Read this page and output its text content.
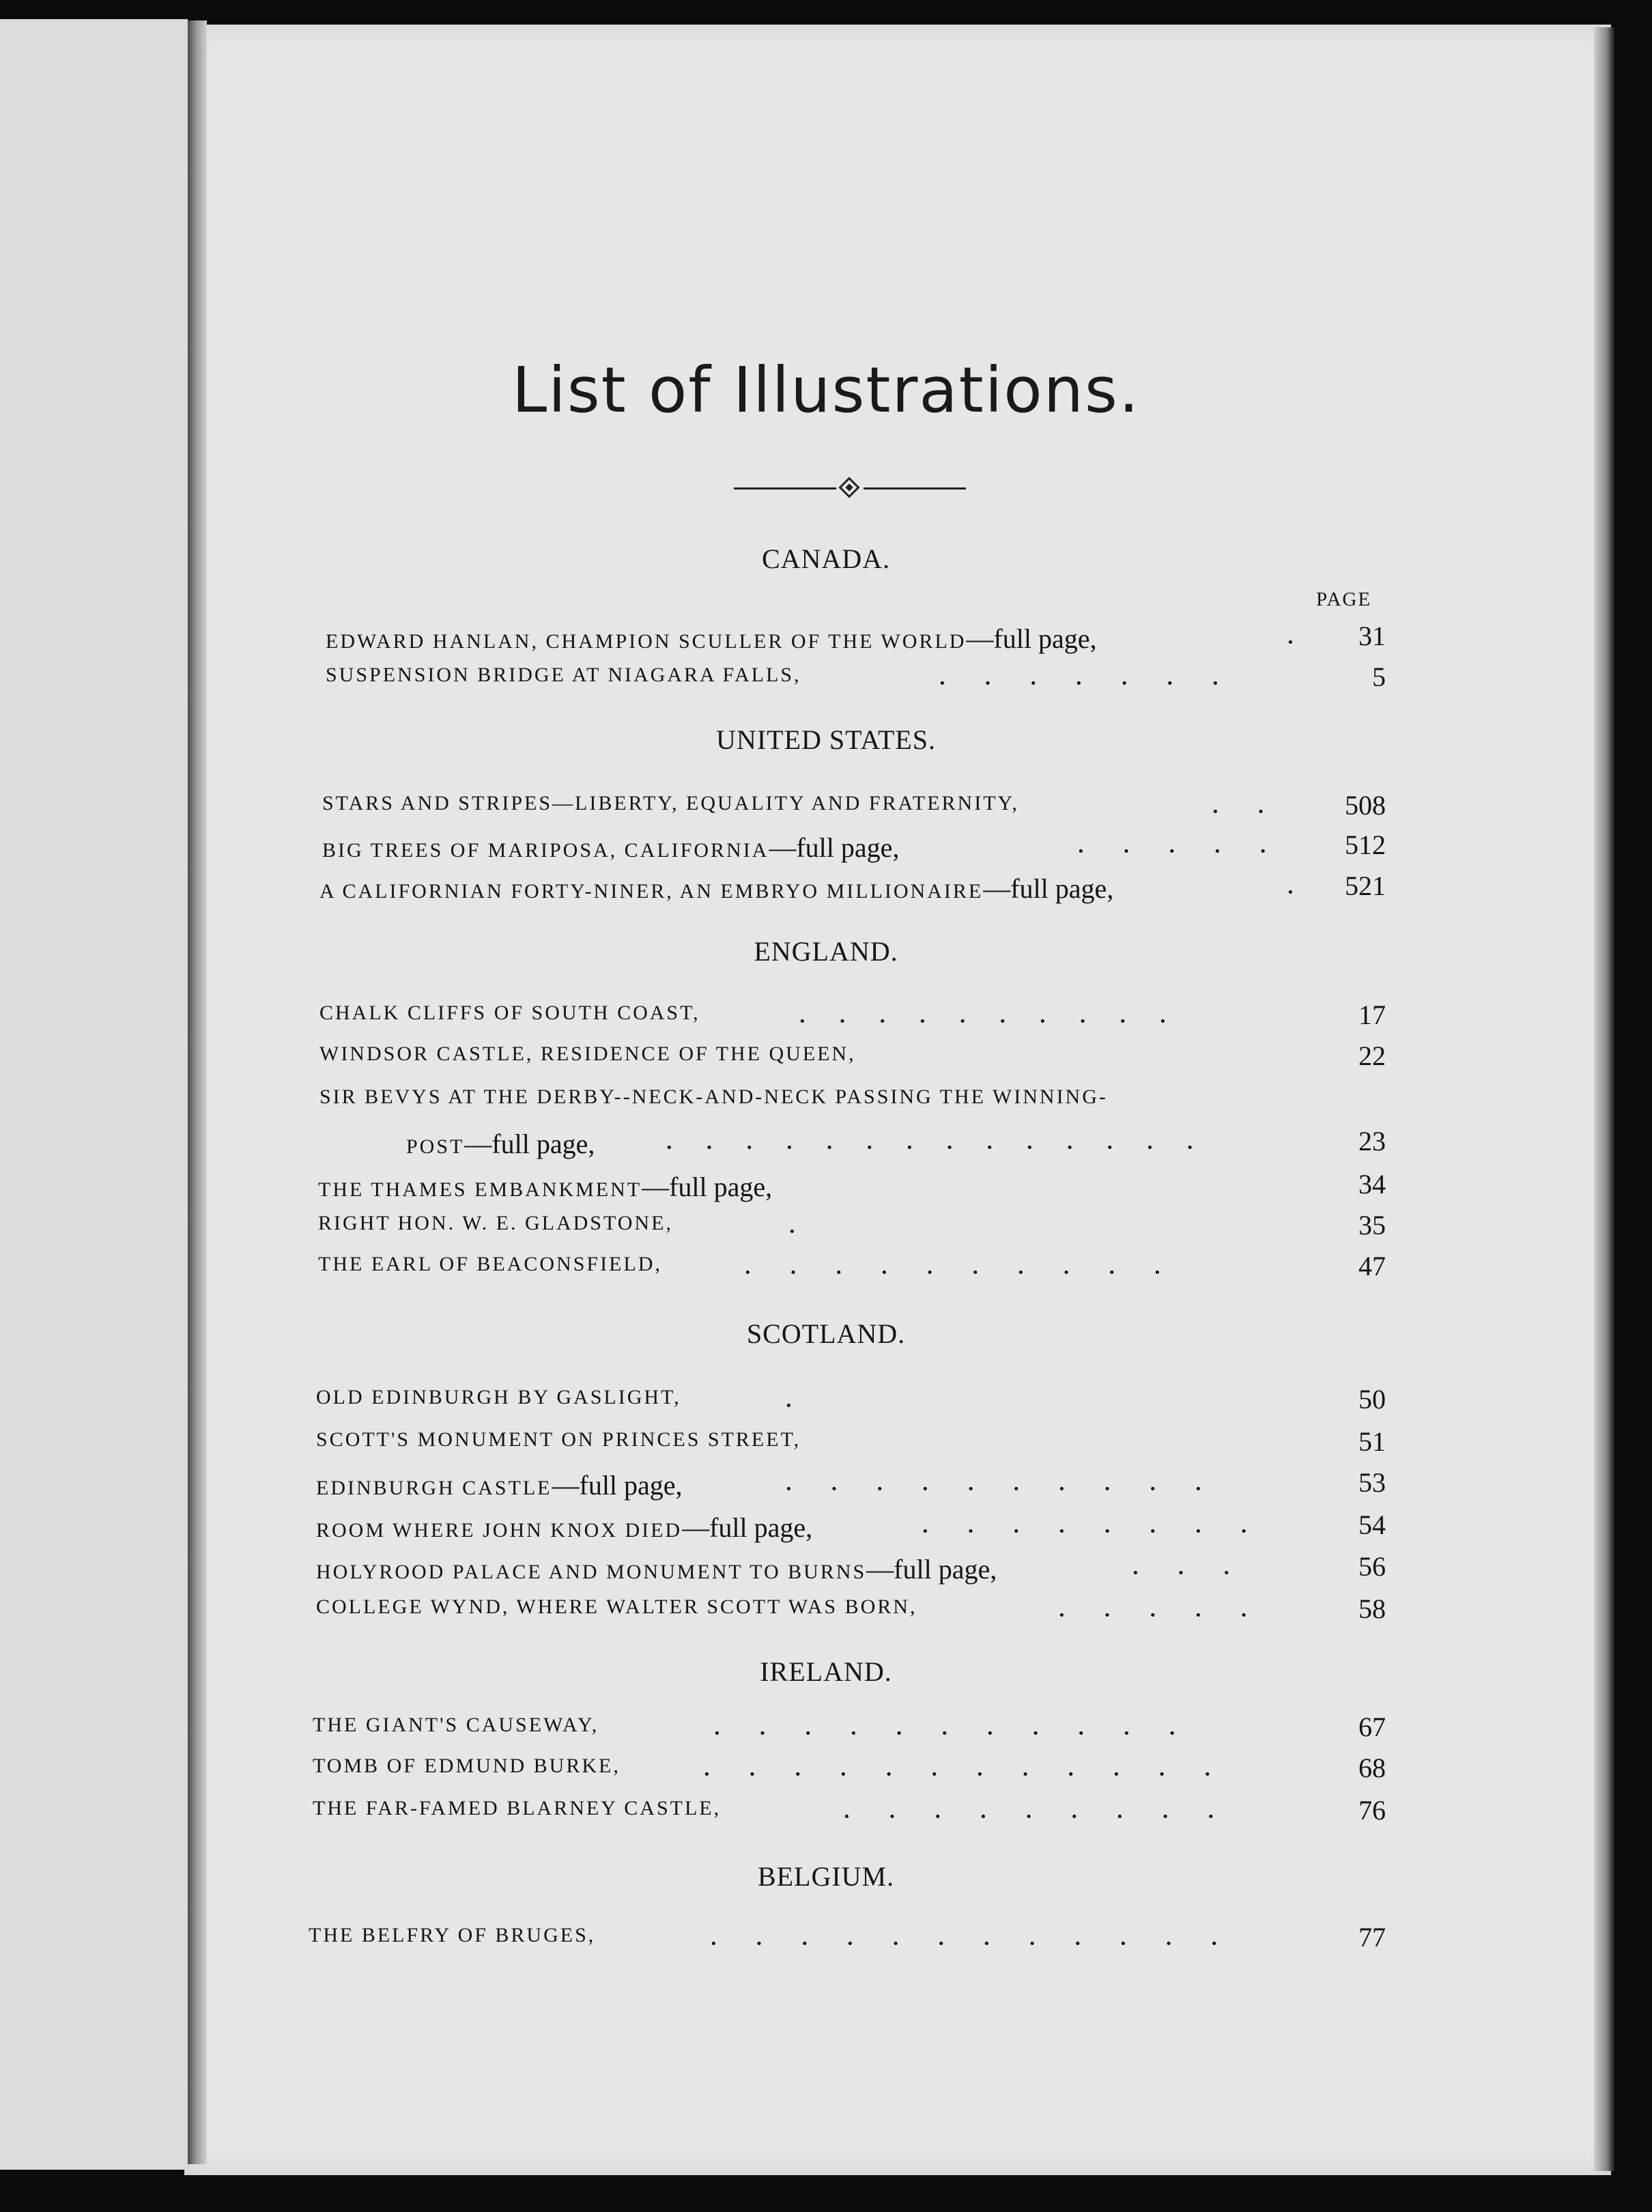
List of Illustrations.
PAGE
CANADA.
EDWARD HANLAN, CHAMPION SCULLER OF THE WORLD—full page,	· 31
SUSPENSION BRIDGE AT NIAGARA FALLS,	·       ·       ·       ·       ·       ·       ·	5
UNITED STATES.
STARS AND STRIPES—LIBERTY, EQUALITY AND FRATERNITY,	·       ·	508
BIG TREES OF MARIPOSA, CALIFORNIA—full page,	·       ·       ·       ·       ·	512
A CALIFORNIAN FORTY-NINER, AN EMBRYO MILLIONAIRE—full page,	· 521
ENGLAND.
CHALK CLIFFS OF SOUTH COAST,	·      ·      ·      ·      ·      ·      ·      ·      ·      ·	17
WINDSOR CASTLE, RESIDENCE OF THE QUEEN,	22
SIR BEVYS AT THE DERBY--NECK-AND-NECK PASSING THE WINNING-
POST—full page,	·      ·      ·      ·      ·      ·      ·      ·      ·      ·      ·      ·      ·      ·	23
THE THAMES EMBANKMENT—full page,	34
RIGHT HON. W. E. GLADSTONE,	·	35
THE EARL OF BEACONSFIELD,	·       ·       ·       ·       ·       ·       ·       ·       ·       ·	47
SCOTLAND.
OLD EDINBURGH BY GASLIGHT,	·	50
SCOTT'S MONUMENT ON PRINCES STREET,	51
EDINBURGH CASTLE—full page,	·       ·       ·       ·       ·       ·       ·       ·       ·       ·	53
ROOM WHERE JOHN KNOX DIED—full page,	·       ·       ·       ·       ·       ·       ·       ·	54
HOLYROOD PALACE AND MONUMENT TO BURNS—full page,	·       ·       ·	56
COLLEGE WYND, WHERE WALTER SCOTT WAS BORN,	·       ·       ·       ·       ·	58
IRELAND.
THE GIANT'S CAUSEWAY,	·       ·       ·       ·       ·       ·       ·       ·       ·       ·       ·	67
TOMB OF EDMUND BURKE,	·       ·       ·       ·       ·       ·       ·       ·       ·       ·       ·       ·	68
THE FAR-FAMED BLARNEY CASTLE,	·       ·       ·       ·       ·       ·       ·       ·       ·	76
BELGIUM.
THE BELFRY OF BRUGES,	·       ·       ·       ·       ·       ·       ·       ·       ·       ·       ·       ·	77
